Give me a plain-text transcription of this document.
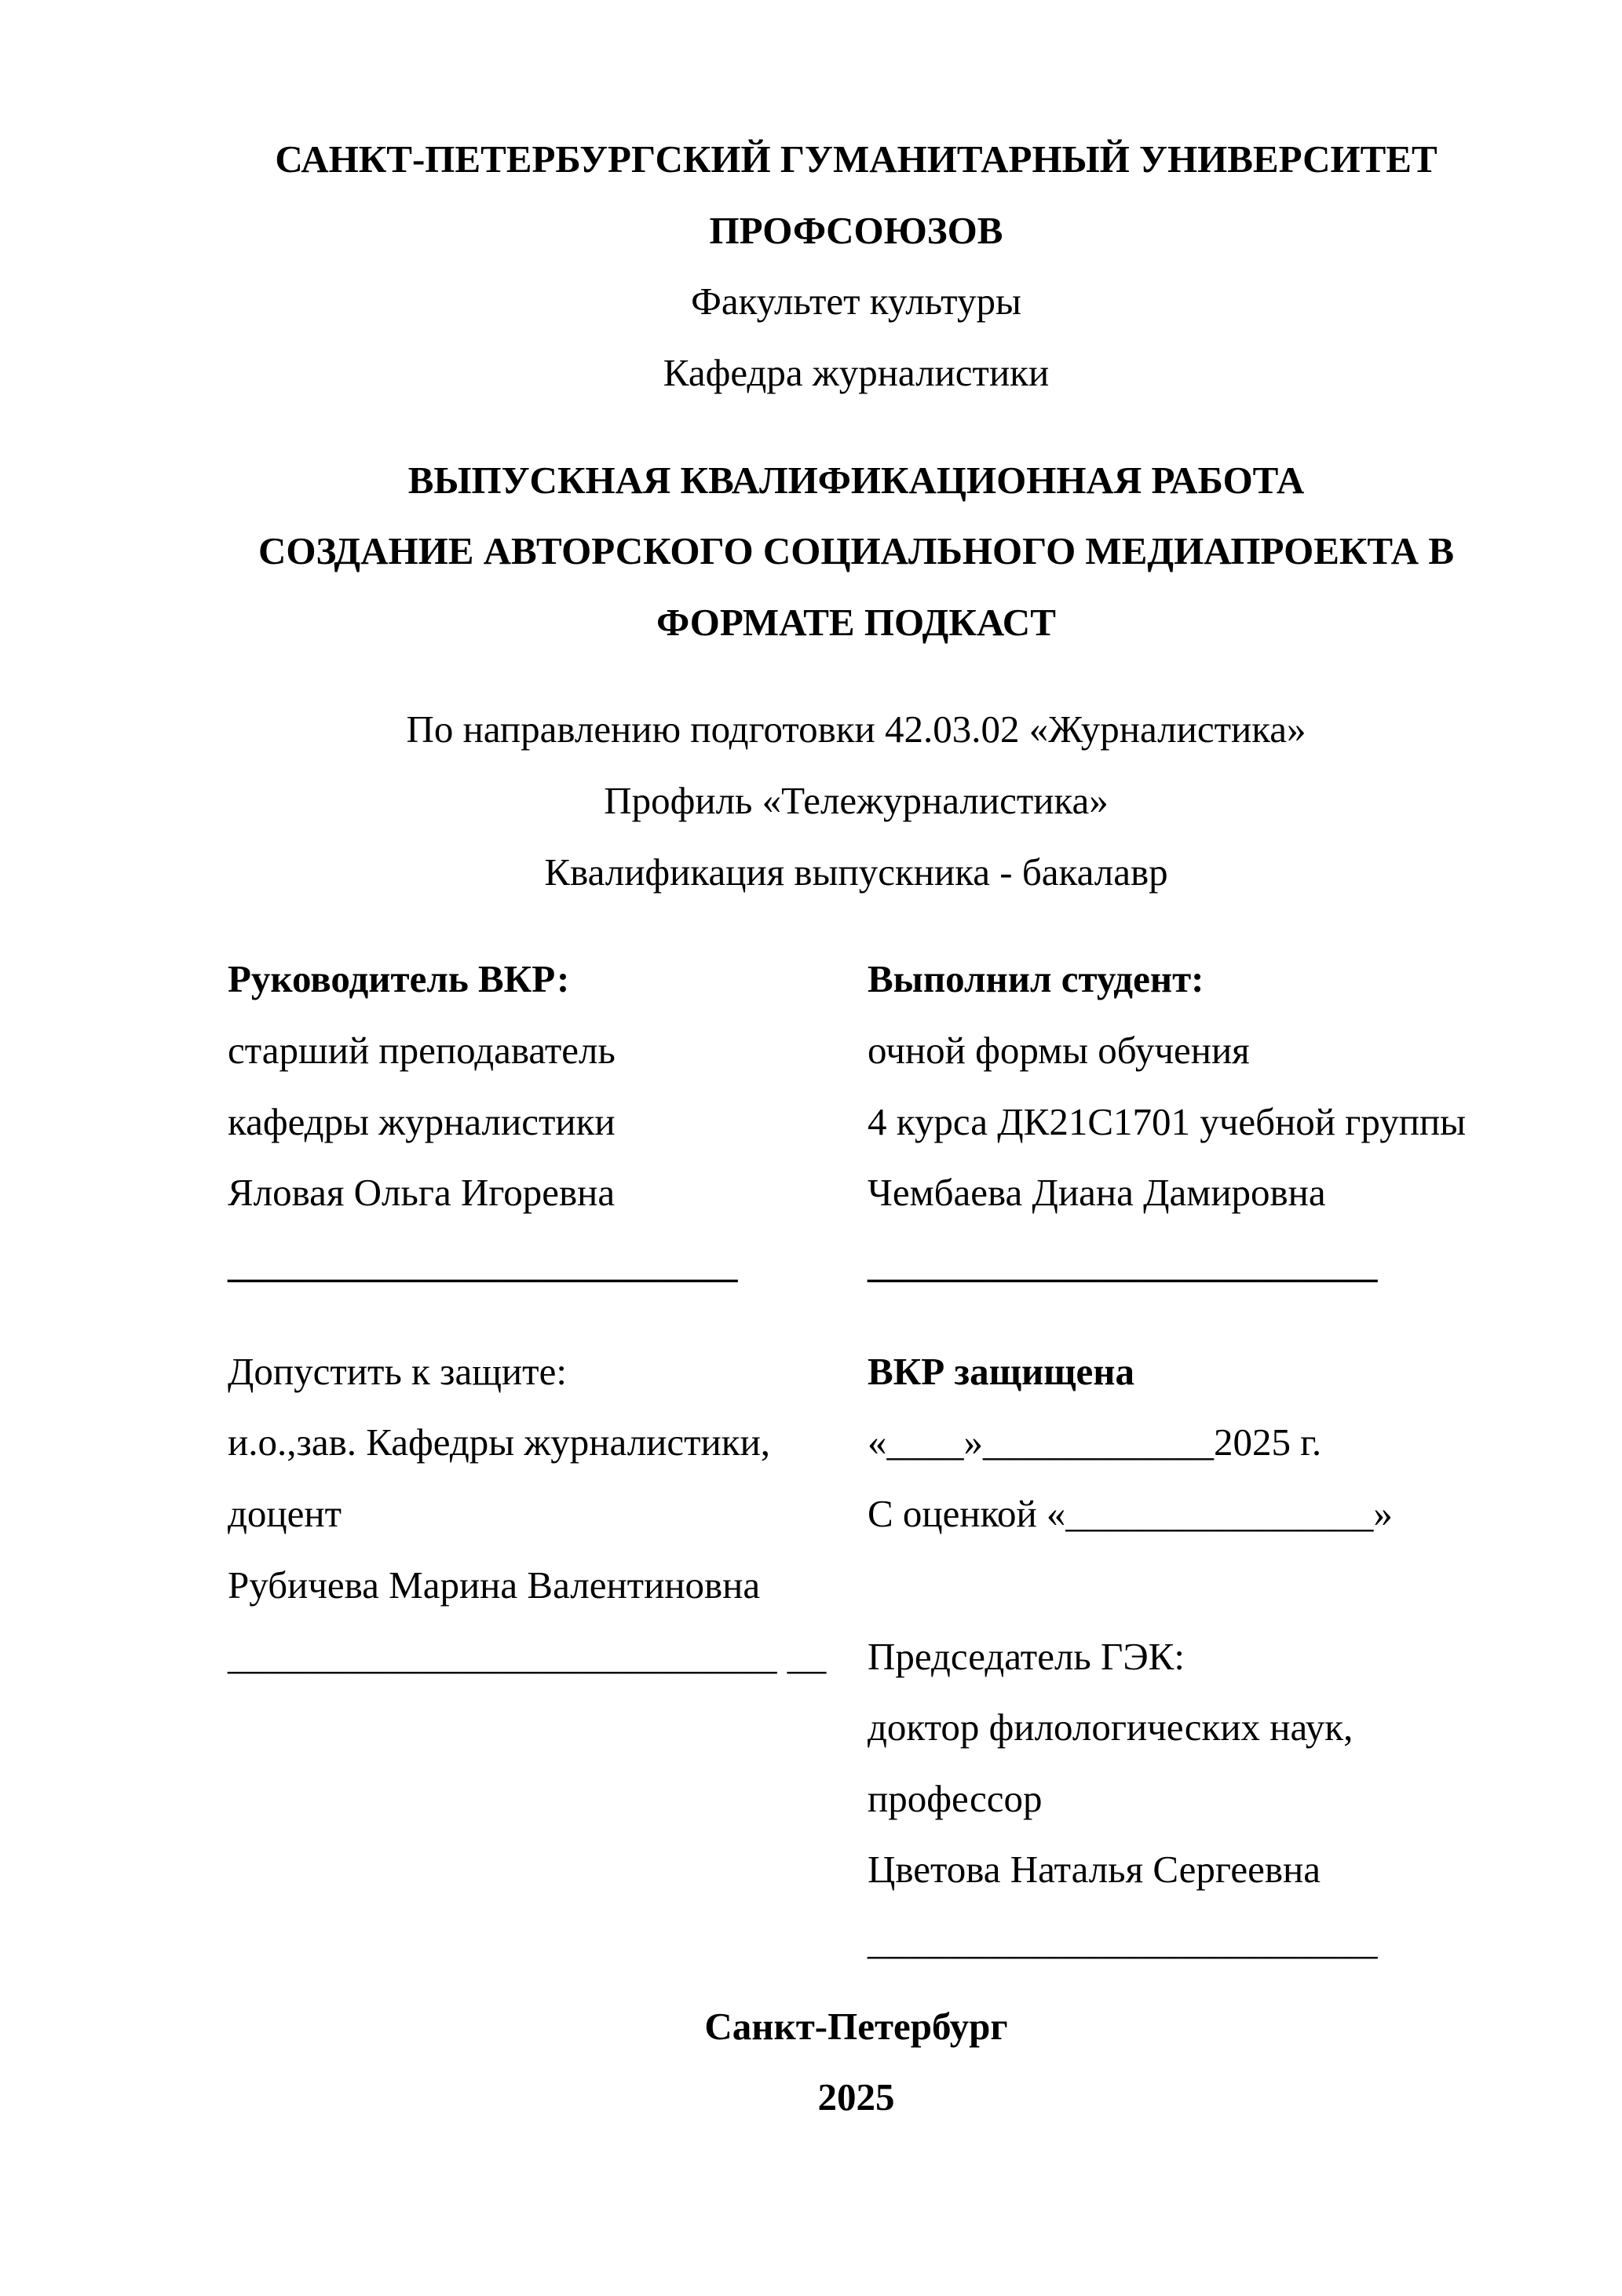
САНКТ-ПЕТЕРБУРГСКИЙ ГУМАНИТАРНЫЙ УНИВЕРСИТЕТ
ПРОФСОЮЗОВ
Факультет культуры
Кафедра журналистики
ВЫПУСКНАЯ КВАЛИФИКАЦИОННАЯ РАБОТА
СОЗДАНИЕ АВТОРСКОГО СОЦИАЛЬНОГО МЕДИАПРОЕКТА В
ФОРМАТЕ ПОДКАСТ
По направлению подготовки 42.03.02 «Журналистика»
Профиль «Тележурналистика»
Квалификация выпускника - бакалавр
Руководитель ВКР:
старший преподаватель
кафедры журналистики
Яловая Ольга Игоревна
__________________________
Выполнил студент:
очной формы обучения
4 курса ДК21С1701 учебной группы
Чембаева Диана Дамировна
__________________________
Допустить к защите:
и.о.,зав. Кафедры журналистики,
доцент
Рубичева Марина Валентиновна
____________________________ __
ВКР защищена
«____»____________2025 г.
С оценкой «________________»
Председатель ГЭК:
доктор филологических наук,
профессор
Цветова Наталья Сергеевна
__________________________
Санкт-Петербург
2025
